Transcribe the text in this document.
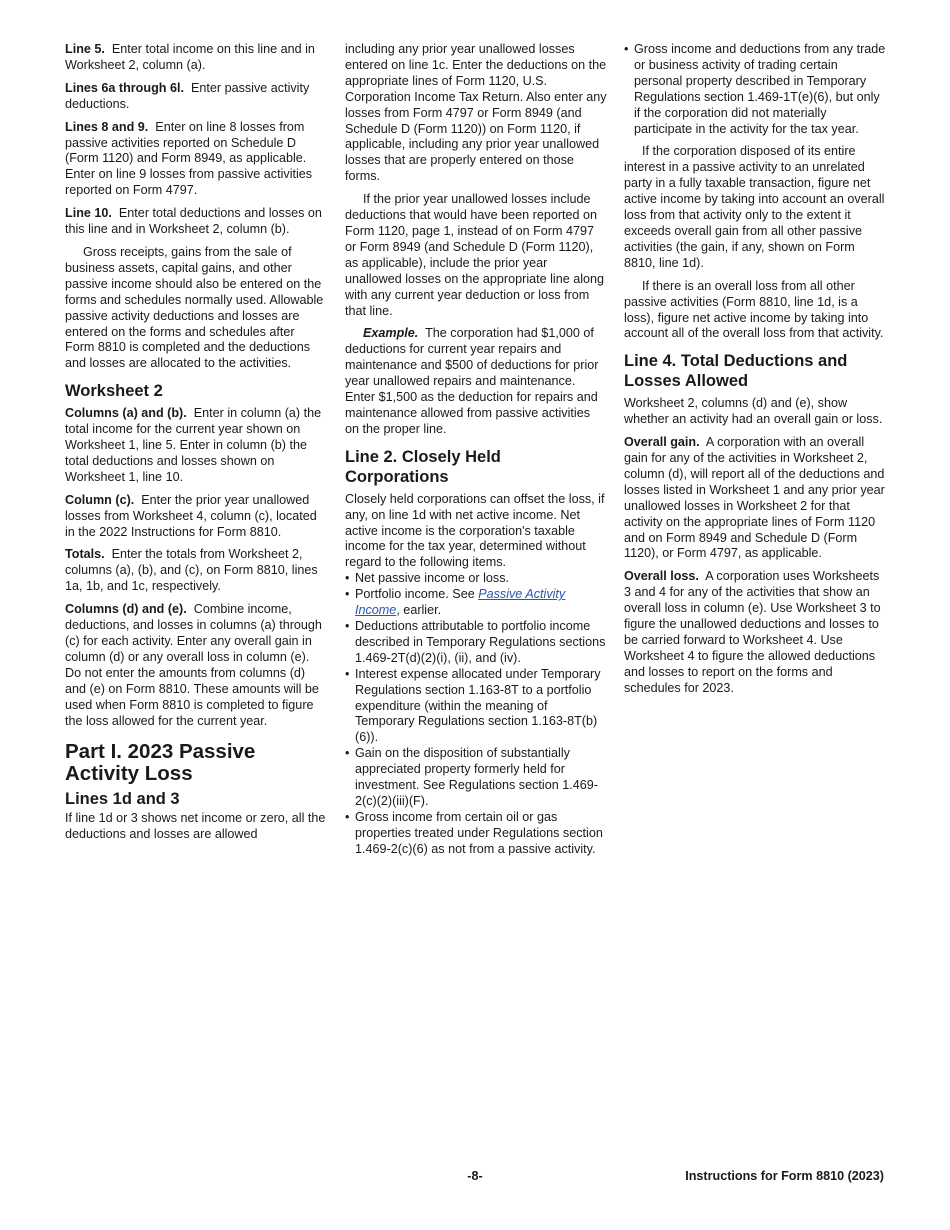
Line 5. Enter total income on this line and in Worksheet 2, column (a).

Lines 6a through 6l. Enter passive activity deductions.

Lines 8 and 9. Enter on line 8 losses from passive activities reported on Schedule D (Form 1120) and Form 8949, as applicable. Enter on line 9 losses from passive activities reported on Form 4797.

Line 10. Enter total deductions and losses on this line and in Worksheet 2, column (b).

Gross receipts, gains from the sale of business assets, capital gains, and other passive income should also be entered on the forms and schedules normally used. Allowable passive activity deductions and losses are entered on the forms and schedules after Form 8810 is completed and the deductions and losses are allocated to the activities.

Worksheet 2

Columns (a) and (b). Enter in column (a) the total income for the current year shown on Worksheet 1, line 5. Enter in column (b) the total deductions and losses shown on Worksheet 1, line 10.

Column (c). Enter the prior year unallowed losses from Worksheet 4, column (c), located in the 2022 Instructions for Form 8810.

Totals. Enter the totals from Worksheet 2, columns (a), (b), and (c), on Form 8810, lines 1a, 1b, and 1c, respectively.

Columns (d) and (e). Combine income, deductions, and losses in columns (a) through (c) for each activity. Enter any overall gain in column (d) or any overall loss in column (e). Do not enter the amounts from columns (d) and (e) on Form 8810. These amounts will be used when Form 8810 is completed to figure the loss allowed for the current year.

Part I. 2023 Passive Activity Loss
Lines 1d and 3

If line 1d or 3 shows net income or zero, all the deductions and losses are allowed

including any prior year unallowed losses entered on line 1c. Enter the deductions on the appropriate lines of Form 1120, U.S. Corporation Income Tax Return. Also enter any losses from Form 4797 or Form 8949 (and Schedule D (Form 1120)) on Form 1120, if applicable, including any prior year unallowed losses that are properly entered on those forms.

If the prior year unallowed losses include deductions that would have been reported on Form 1120, page 1, instead of on Form 4797 or Form 8949 (and Schedule D (Form 1120), as applicable), include the prior year unallowed losses on the appropriate line along with any current year deduction or loss from that line.

Example. The corporation had $1,000 of deductions for current year repairs and maintenance and $500 of deductions for prior year unallowed repairs and maintenance. Enter $1,500 as the deduction for repairs and maintenance allowed from passive activities on the proper line.

Line 2. Closely Held Corporations

Closely held corporations can offset the loss, if any, on line 1d with net active income. Net active income is the corporation's taxable income for the tax year, determined without regard to the following items.

• Net passive income or loss.

• Portfolio income. See Passive Activity Income, earlier.

• Deductions attributable to portfolio income described in Temporary Regulations sections 1.469-2T(d)(2)(i), (ii), and (iv).

• Interest expense allocated under Temporary Regulations section 1.163-8T to a portfolio expenditure (within the meaning of Temporary Regulations section 1.163-8T(b)(6)).

• Gain on the disposition of substantially appreciated property formerly held for investment. See Regulations section 1.469-2(c)(2)(iii)(F).

• Gross income from certain oil or gas properties treated under Regulations section 1.469-2(c)(6) as not from a passive activity.

• Gross income and deductions from any trade or business activity of trading certain personal property described in Temporary Regulations section 1.469-1T(e)(6), but only if the corporation did not materially participate in the activity for the tax year.

If the corporation disposed of its entire interest in a passive activity to an unrelated party in a fully taxable transaction, figure net active income by taking into account an overall loss from that activity only to the extent it exceeds overall gain from all other passive activities (the gain, if any, shown on Form 8810, line 1d).

If there is an overall loss from all other passive activities (Form 8810, line 1d, is a loss), figure net active income by taking into account all of the overall loss from that activity.

Line 4. Total Deductions and Losses Allowed

Worksheet 2, columns (d) and (e), show whether an activity had an overall gain or loss.

Overall gain. A corporation with an overall gain for any of the activities in Worksheet 2, column (d), will report all of the deductions and losses listed in Worksheet 1 and any prior year unallowed losses in Worksheet 2 for that activity on the appropriate lines of Form 1120 and on Form 8949 and Schedule D (Form 1120), or Form 4797, as applicable.

Overall loss. A corporation uses Worksheets 3 and 4 for any of the activities that show an overall loss in column (e). Use Worksheet 3 to figure the unallowed deductions and losses to be carried forward to Worksheet 4. Use Worksheet 4 to figure the allowed deductions and losses to report on the forms and schedules for 2023.

-8-	Instructions for Form 8810 (2023)
